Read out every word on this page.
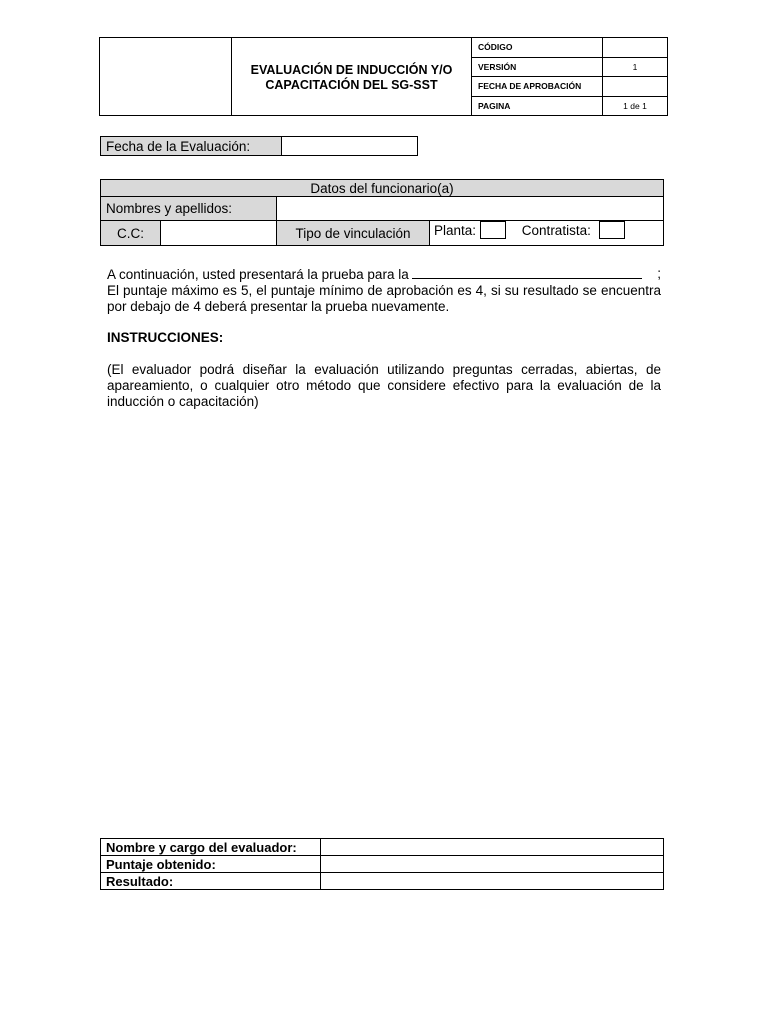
	EVALUACIÓN DE INDUCCIÓN Y/O
CAPACITACIÓN DEL SG-SST	CÓDIGO	
		VERSIÓN	1
		FECHA DE APROBACIÓN	
		PAGINA	1 de 1
Fecha de la Evaluación:	
Datos del funcionario(a)			
Nombres y apellidos:			
C.C:		Tipo de vinculación	Planta: Contratista:
A continuación, usted presentará la prueba para la	;
El puntaje máximo es 5, el puntaje mínimo de aprobación es 4, si su resultado se encuentra por debajo de 4 deberá presentar la prueba nuevamente.
INSTRUCCIONES:
(El evaluador podrá diseñar la evaluación utilizando preguntas cerradas, abiertas, de apareamiento, o cualquier otro método que considere efectivo para la evaluación de la inducción o capacitación)
Nombre y cargo del evaluador:	
Puntaje obtenido:	
Resultado:	
